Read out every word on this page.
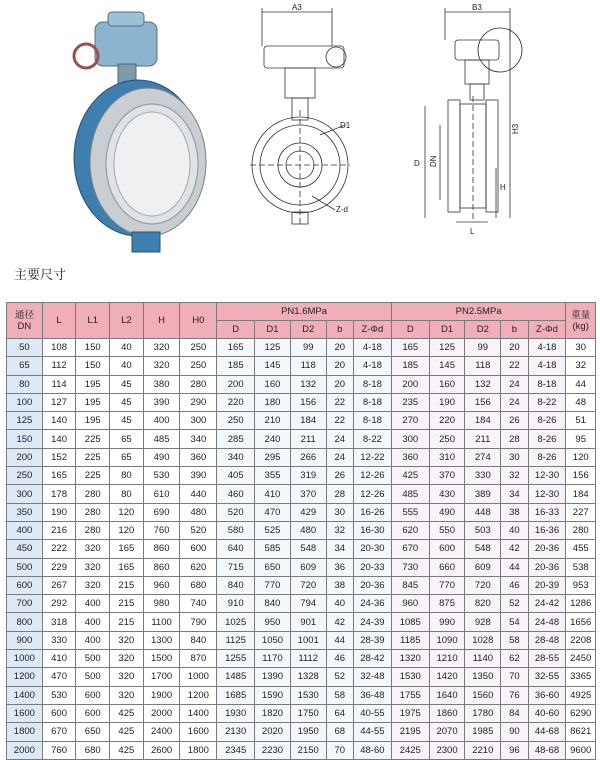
A3
D1
Z-d
B3
H3
D DN
H
L
主要尺寸
通径
DN	L	L1	L2	H	H0	PN1.6MPa					PN2.5MPa					重量
(kg)

						D	D1	D2	b	Z-Φd	D	D1	D2	b	Z-Φd	
50	108	150	40	320	250	165	125	99	20	4-18	165	125	99	20	4-18	30
65	112	150	40	320	250	185	145	118	20	4-18	185	145	118	22	4-18	32
80	114	195	45	380	280	200	160	132	20	8-18	200	160	132	24	8-18	44
100	127	195	45	390	290	220	180	156	22	8-18	235	190	156	24	8-22	48
125	140	195	45	400	300	250	210	184	22	8-18	270	220	184	26	8-26	51
150	140	225	65	485	340	285	240	211	24	8-22	300	250	211	28	8-26	95
200	152	225	65	490	360	340	295	266	24	12-22	360	310	274	30	8-26	120
250	165	225	80	530	390	405	355	319	26	12-26	425	370	330	32	12-30	156
300	178	280	80	610	440	460	410	370	28	12-26	485	430	389	34	12-30	184
350	190	280	120	690	480	520	470	429	30	16-26	555	490	448	38	16-33	227
400	216	280	120	760	520	580	525	480	32	16-30	620	550	503	40	16-36	280
450	222	320	165	860	600	640	585	548	34	20-30	670	600	548	42	20-36	455
500	229	320	165	860	620	715	650	609	36	20-33	730	660	609	44	20-36	538
600	267	320	215	960	680	840	770	720	38	20-36	845	770	720	46	20-39	953
700	292	400	215	980	740	910	840	794	40	24-36	960	875	820	52	24-42	1286
800	318	400	215	1100	790	1025	950	901	42	24-39	1085	990	928	54	24-48	1656
900	330	400	320	1300	840	1125	1050	1001	44	28-39	1185	1090	1028	58	28-48	2208
1000	410	500	320	1500	870	1255	1170	1112	46	28-42	1320	1210	1140	62	28-55	2450
1200	470	500	320	1700	1000	1485	1390	1328	52	32-48	1530	1420	1350	70	32-55	3365
1400	530	600	320	1900	1200	1685	1590	1530	58	36-48	1755	1640	1560	76	36-60	4925
1600	600	600	425	2000	1400	1930	1820	1750	64	40-55	1975	1860	1780	84	40-60	6290
1800	670	650	425	2400	1600	2130	2020	1950	68	44-55	2195	2070	1985	90	44-68	8621
2000	760	680	425	2600	1800	2345	2230	2150	70	48-60	2425	2300	2210	96	48-68	9600
